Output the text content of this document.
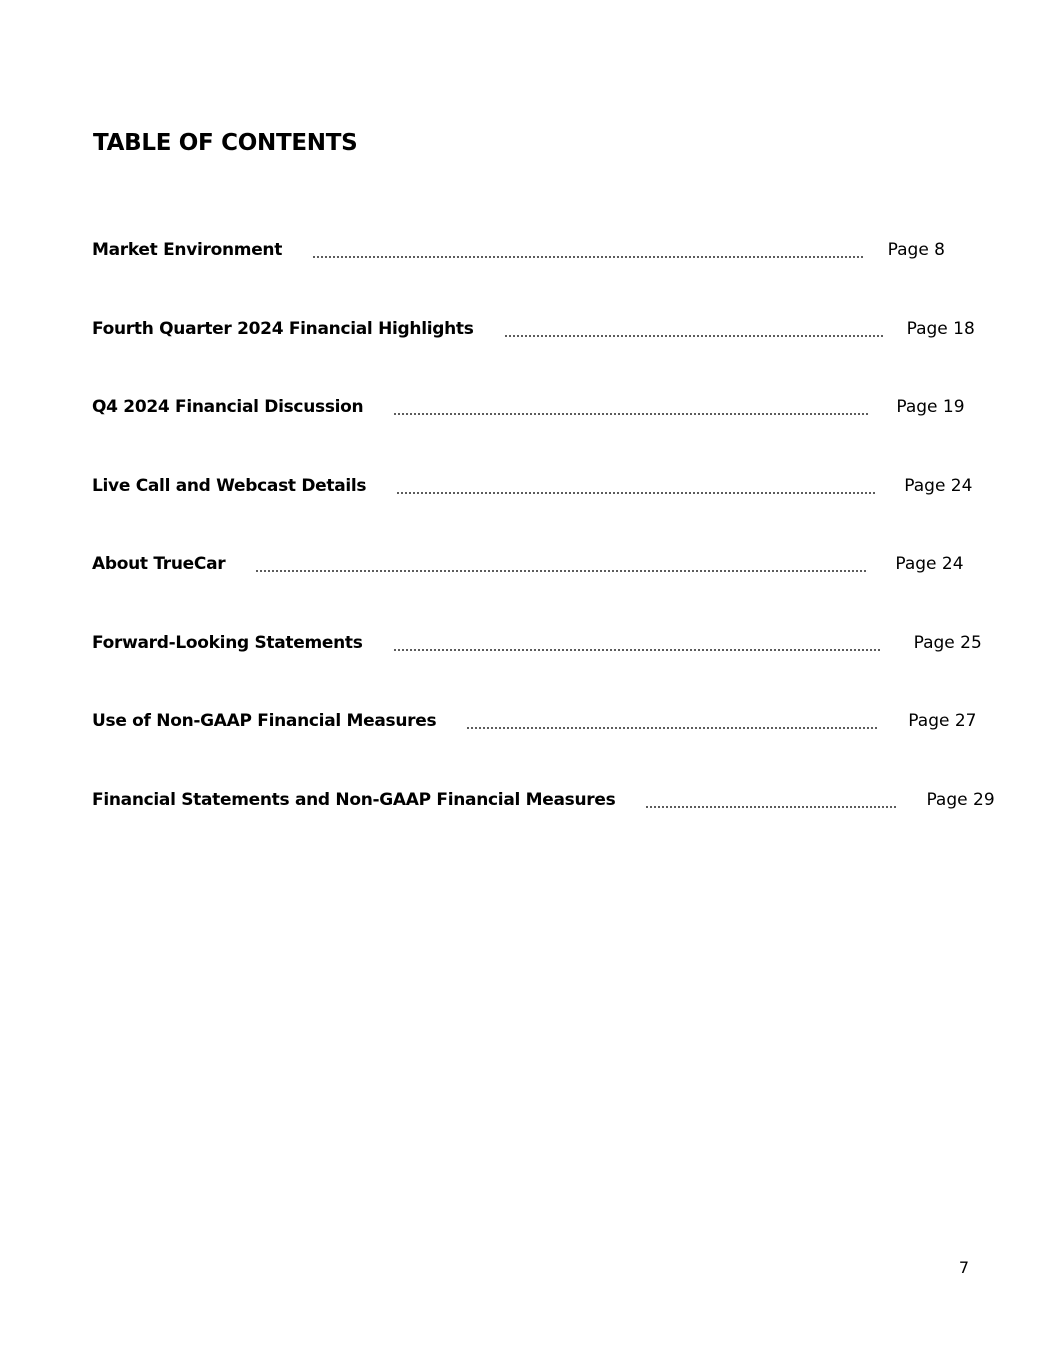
TABLE OF CONTENTS
Market Environment	Page 8
Fourth Quarter 2024 Financial Highlights	Page 18
Q4 2024 Financial Discussion	Page 19
Live Call and Webcast Details	Page 24
About TrueCar	Page 24
Forward-Looking Statements	Page 25
Use of Non-GAAP Financial Measures	Page 27
Financial Statements and Non-GAAP Financial Measures	Page 29
7
